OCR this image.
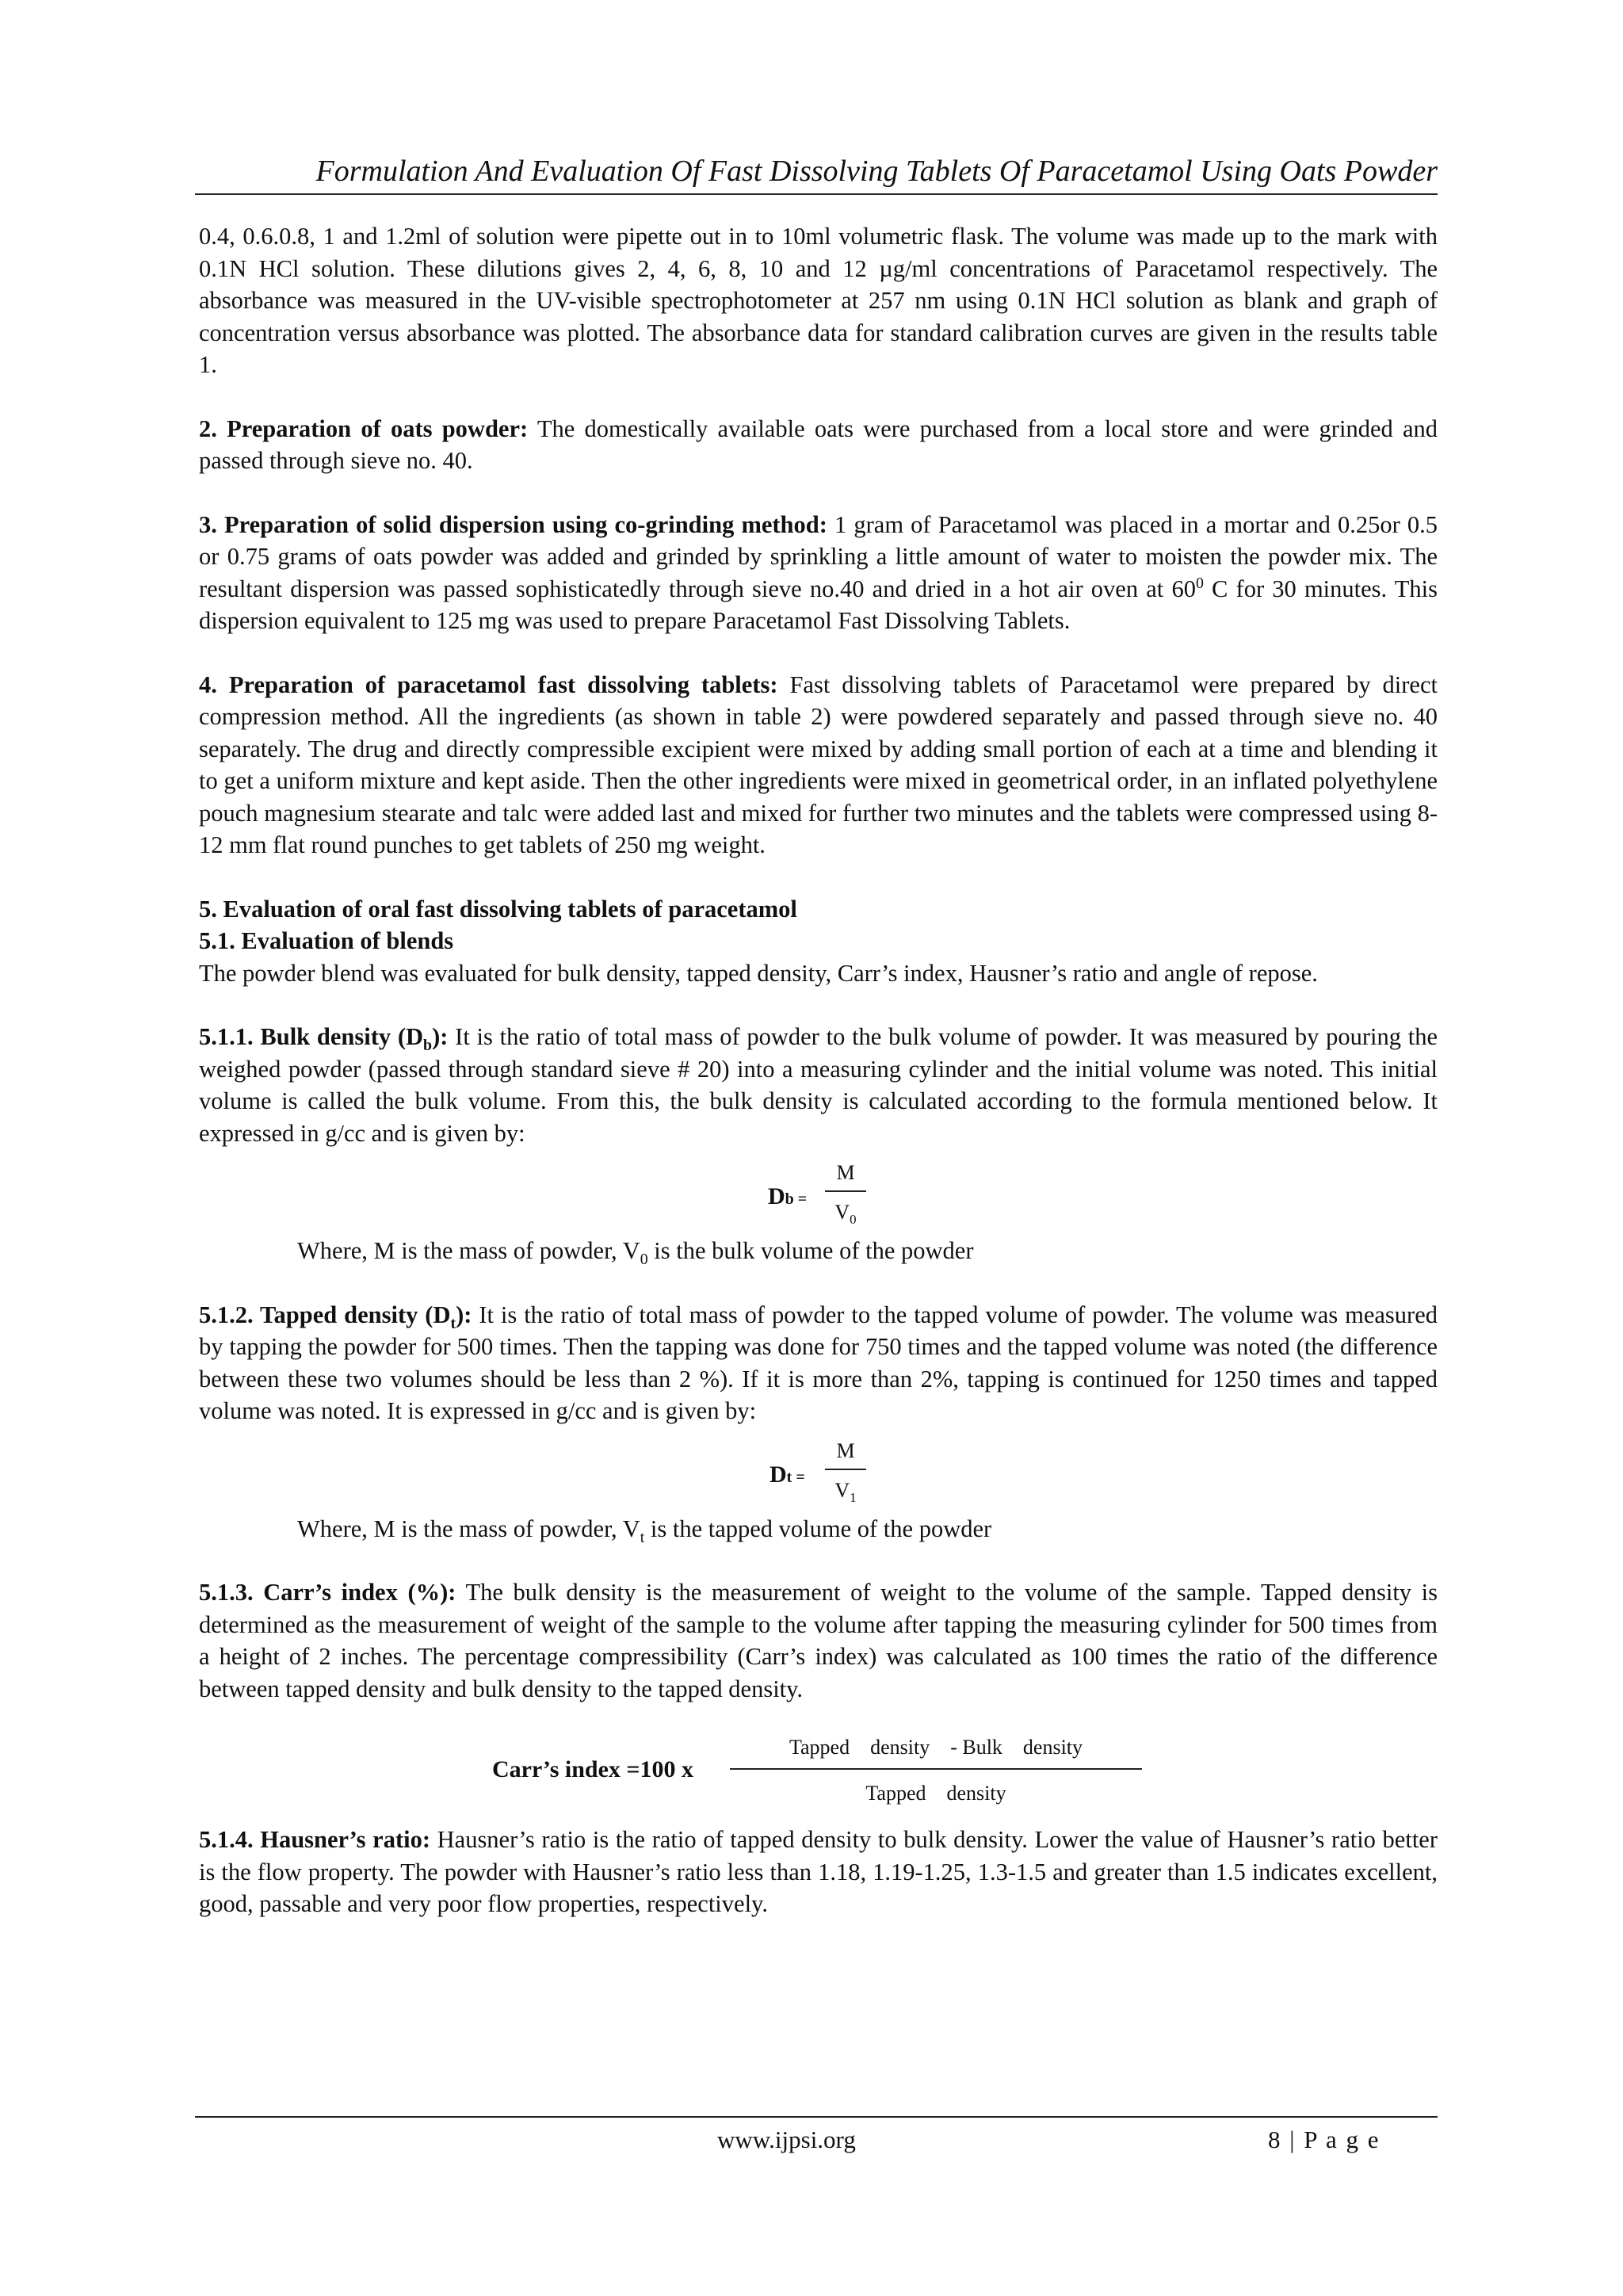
Formulation And Evaluation Of Fast Dissolving Tablets Of Paracetamol Using Oats Powder

0.4, 0.6.0.8, 1 and 1.2ml of solution were pipette out in to 10ml volumetric flask. The volume was made up to the mark with 0.1N HCl solution. These dilutions gives 2, 4, 6, 8, 10 and 12 µg/ml concentrations of Paracetamol respectively. The absorbance was measured in the UV-visible spectrophotometer at 257 nm using 0.1N HCl solution as blank and graph of concentration versus absorbance was plotted. The absorbance data for standard calibration curves are given in the results table 1.

2. Preparation of oats powder: The domestically available oats were purchased from a local store and were grinded and passed through sieve no. 40.

3. Preparation of solid dispersion using co-grinding method: 1 gram of Paracetamol was placed in a mortar and 0.25or 0.5 or 0.75 grams of oats powder was added and grinded by sprinkling a little amount of water to moisten the powder mix. The resultant dispersion was passed sophisticatedly through sieve no.40 and dried in a hot air oven at $60^0$ C for 30 minutes. This dispersion equivalent to 125 mg was used to prepare Paracetamol Fast Dissolving Tablets.

4. Preparation of paracetamol fast dissolving tablets: Fast dissolving tablets of Paracetamol were prepared by direct compression method. All the ingredients (as shown in table 2) were powdered separately and passed through sieve no. 40 separately. The drug and directly compressible excipient were mixed by adding small portion of each at a time and blending it to get a uniform mixture and kept aside. Then the other ingredients were mixed in geometrical order, in an inflated polyethylene pouch magnesium stearate and talc were added last and mixed for further two minutes and the tablets were compressed using 8-12 mm flat round punches to get tablets of 250 mg weight.

5. Evaluation of oral fast dissolving tablets of paracetamol

5.1. Evaluation of blends

The powder blend was evaluated for bulk density, tapped density, Carr’s index, Hausner’s ratio and angle of repose.

5.1.1. Bulk density $(D_b)$: It is the ratio of total mass of powder to the bulk volume of powder. It was measured by pouring the weighed powder (passed through standard sieve # 20) into a measuring cylinder and the initial volume was noted. This initial volume is called the bulk volume. From this, the bulk density is calculated according to the formula mentioned below. It expressed in g/cc and is given by:

Db =
M
$V_0$

Where, M is the mass of powder, $V_0$ is the bulk volume of the powder

5.1.2. Tapped density $(D_t)$: It is the ratio of total mass of powder to the tapped volume of powder. The volume was measured by tapping the powder for 500 times. Then the tapping was done for 750 times and the tapped volume was noted (the difference between these two volumes should be less than 2 %). If it is more than 2%, tapping is continued for 1250 times and tapped volume was noted. It is expressed in g/cc and is given by:

Dt =
M
$V_1$

Where, M is the mass of powder, $V_t$ is the tapped volume of the powder

5.1.3. Carr’s index (%): The bulk density is the measurement of weight to the volume of the sample. Tapped density is determined as the measurement of weight of the sample to the volume after tapping the measuring cylinder for 500 times from a height of 2 inches. The percentage compressibility (Carr’s index) was calculated as 100 times the ratio of the difference between tapped density and bulk density to the tapped density.

Carr’s index =100 x
Tapped    density    - Bulk    density
Tapped    density

5.1.4. Hausner’s ratio: Hausner’s ratio is the ratio of tapped density to bulk density. Lower the value of Hausner’s ratio better is the flow property. The powder with Hausner’s ratio less than 1.18, 1.19-1.25, 1.3-1.5 and greater than 1.5 indicates excellent, good, passable and very poor flow properties, respectively.

www.ijpsi.org	8 | P a g e
